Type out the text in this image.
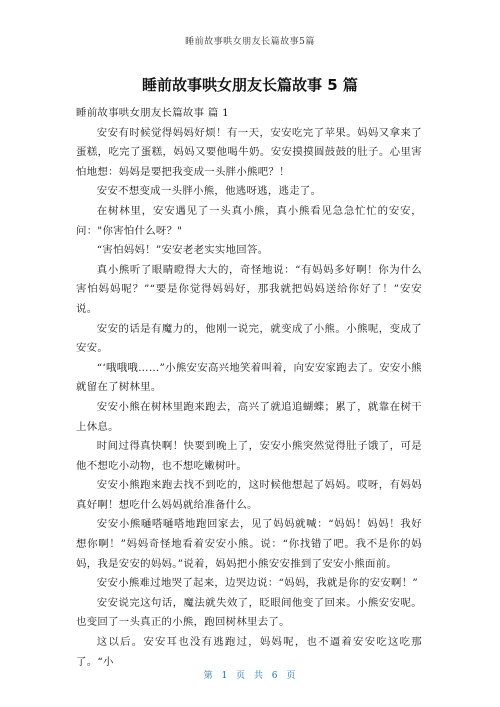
睡前故事哄女朋友长篇故事5篇
睡前故事哄女朋友长篇故事 5 篇

睡前故事哄女朋友长篇故事 篇 1

安安有时候觉得妈妈好烦！有一天，安安吃完了苹果。妈妈又拿来了蛋糕，吃完了蛋糕，妈妈又要他喝牛奶。安安摸摸圆鼓鼓的肚子。心里害怕地想：妈妈是要把我变成一头胖小熊吧？！

安安不想变成一头胖小熊，他逃呀逃，逃走了。

在树林里，安安遇见了一头真小熊，真小熊看见急急忙忙的安安，问："你害怕什么呀？"

“害怕妈妈！”安安老老实实地回答。

真小熊听了眼睛瞪得大大的，奇怪地说：“有妈妈多好啊！你为什么害怕妈妈呢？”“要是你觉得妈妈好，那我就把妈妈送给你好了！”安安说。

安安的话是有魔力的，他刚一说完，就变成了小熊。小熊呢，变成了安安。

“‘哦哦哦……”小熊安安高兴地笑着叫着，向安安家跑去了。安安小熊就留在了树林里。

安安小熊在树林里跑来跑去，高兴了就追追蝴蝶；累了，就靠在树干上休息。

时间过得真快啊！快要到晚上了，安安小熊突然觉得肚子饿了，可是他不想吃小动物，也不想吃嫩树叶。

安安小熊跑来跑去找不到吃的，这时候他想起了妈妈。哎呀，有妈妈真好啊！想吃什么妈妈就给准备什么。

安安小熊嗵嗒嗵嗒地跑回家去，见了妈妈就喊：“妈妈！妈妈！我好想你啊！”妈妈奇怪地看着安安小熊。说：“你找错了吧。我不是你的妈妈，我是安安的妈妈。”说着，妈妈把小熊安安推到了安安小熊面前。

安安小熊难过地哭了起来，边哭边说：“妈妈，我就是你的安安啊！”

安安说完这句话，魔法就失效了，眨眼间他变了回来。小熊安安呢。也变回了一头真正的小熊，跑回树林里去了。

这以后。安安耳也没有逃跑过，妈妈呢，也不逼着安安吃这吃那了。“小

第 1 页 共 6 页
